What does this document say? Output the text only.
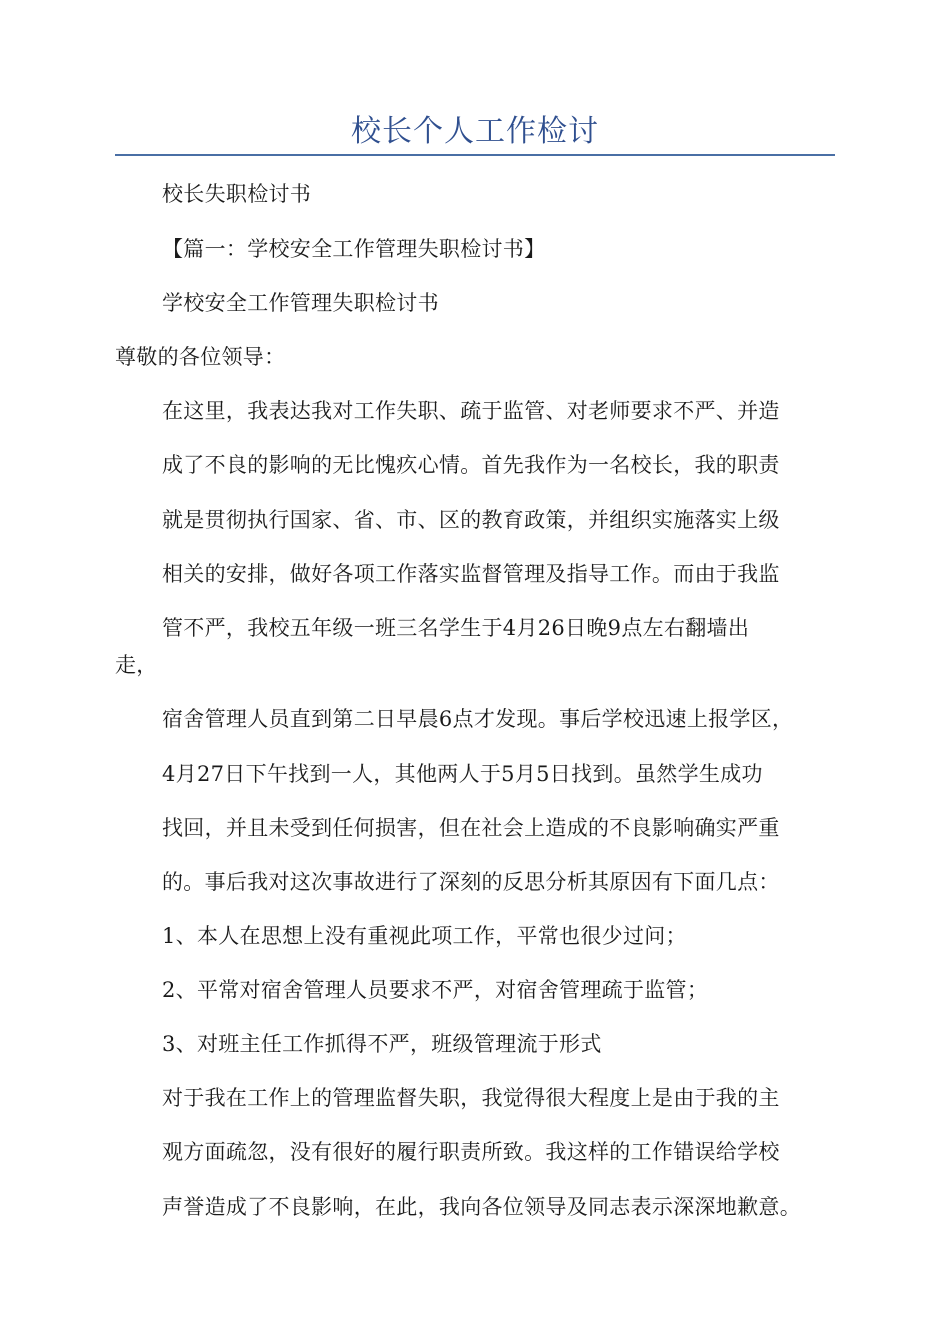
校长个人工作检讨
校长失职检讨书
【篇一：学校安全工作管理失职检讨书】
学校安全工作管理失职检讨书
尊敬的各位领导：
在这里，我表达我对工作失职、疏于监管、对老师要求不严、并造
成了不良的影响的无比愧疚心情。首先我作为一名校长，我的职责
就是贯彻执行国家、省、市、区的教育政策，并组织实施落实上级
相关的安排，做好各项工作落实监督管理及指导工作。而由于我监
管不严，我校五年级一班三名学生于4月26日晚9点左右翻墙出
走，
宿舍管理人员直到第二日早晨6点才发现。事后学校迅速上报学区，
4月27日下午找到一人，其他两人于5月5日找到。虽然学生成功
找回，并且未受到任何损害，但在社会上造成的不良影响确实严重
的。事后我对这次事故进行了深刻的反思分析其原因有下面几点：
1、本人在思想上没有重视此项工作，平常也很少过问；
2、平常对宿舍管理人员要求不严，对宿舍管理疏于监管；
3、对班主任工作抓得不严，班级管理流于形式
对于我在工作上的管理监督失职，我觉得很大程度上是由于我的主
观方面疏忽，没有很好的履行职责所致。我这样的工作错误给学校
声誉造成了不良影响，在此，我向各位领导及同志表示深深地歉意。
